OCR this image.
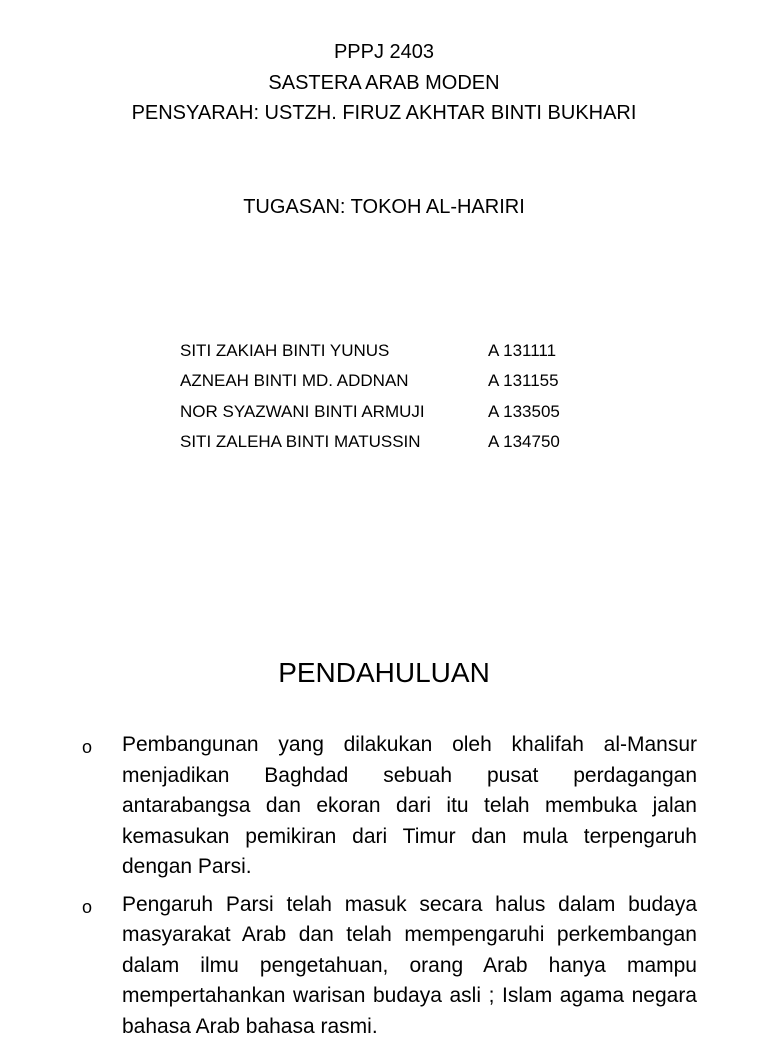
PPPJ 2403
SASTERA ARAB MODEN
PENSYARAH: USTZH. FIRUZ AKHTAR BINTI BUKHARI
TUGASAN: TOKOH AL-HARIRI
SITI ZAKIAH BINTI YUNUS	A 131111
AZNEAH BINTI MD. ADDNAN	A 131155
NOR SYAZWANI BINTI ARMUJI	A 133505
SITI ZALEHA BINTI MATUSSIN	A 134750
PENDAHULUAN
o Pembangunan yang dilakukan oleh khalifah al-Mansur menjadikan Baghdad sebuah pusat perdagangan antarabangsa dan ekoran dari itu telah membuka jalan kemasukan pemikiran dari Timur dan mula terpengaruh dengan Parsi.
o Pengaruh Parsi telah masuk secara halus dalam budaya masyarakat Arab dan telah mempengaruhi perkembangan dalam ilmu pengetahuan, orang Arab hanya mampu mempertahankan warisan budaya asli ; Islam agama negara bahasa Arab bahasa rasmi.
